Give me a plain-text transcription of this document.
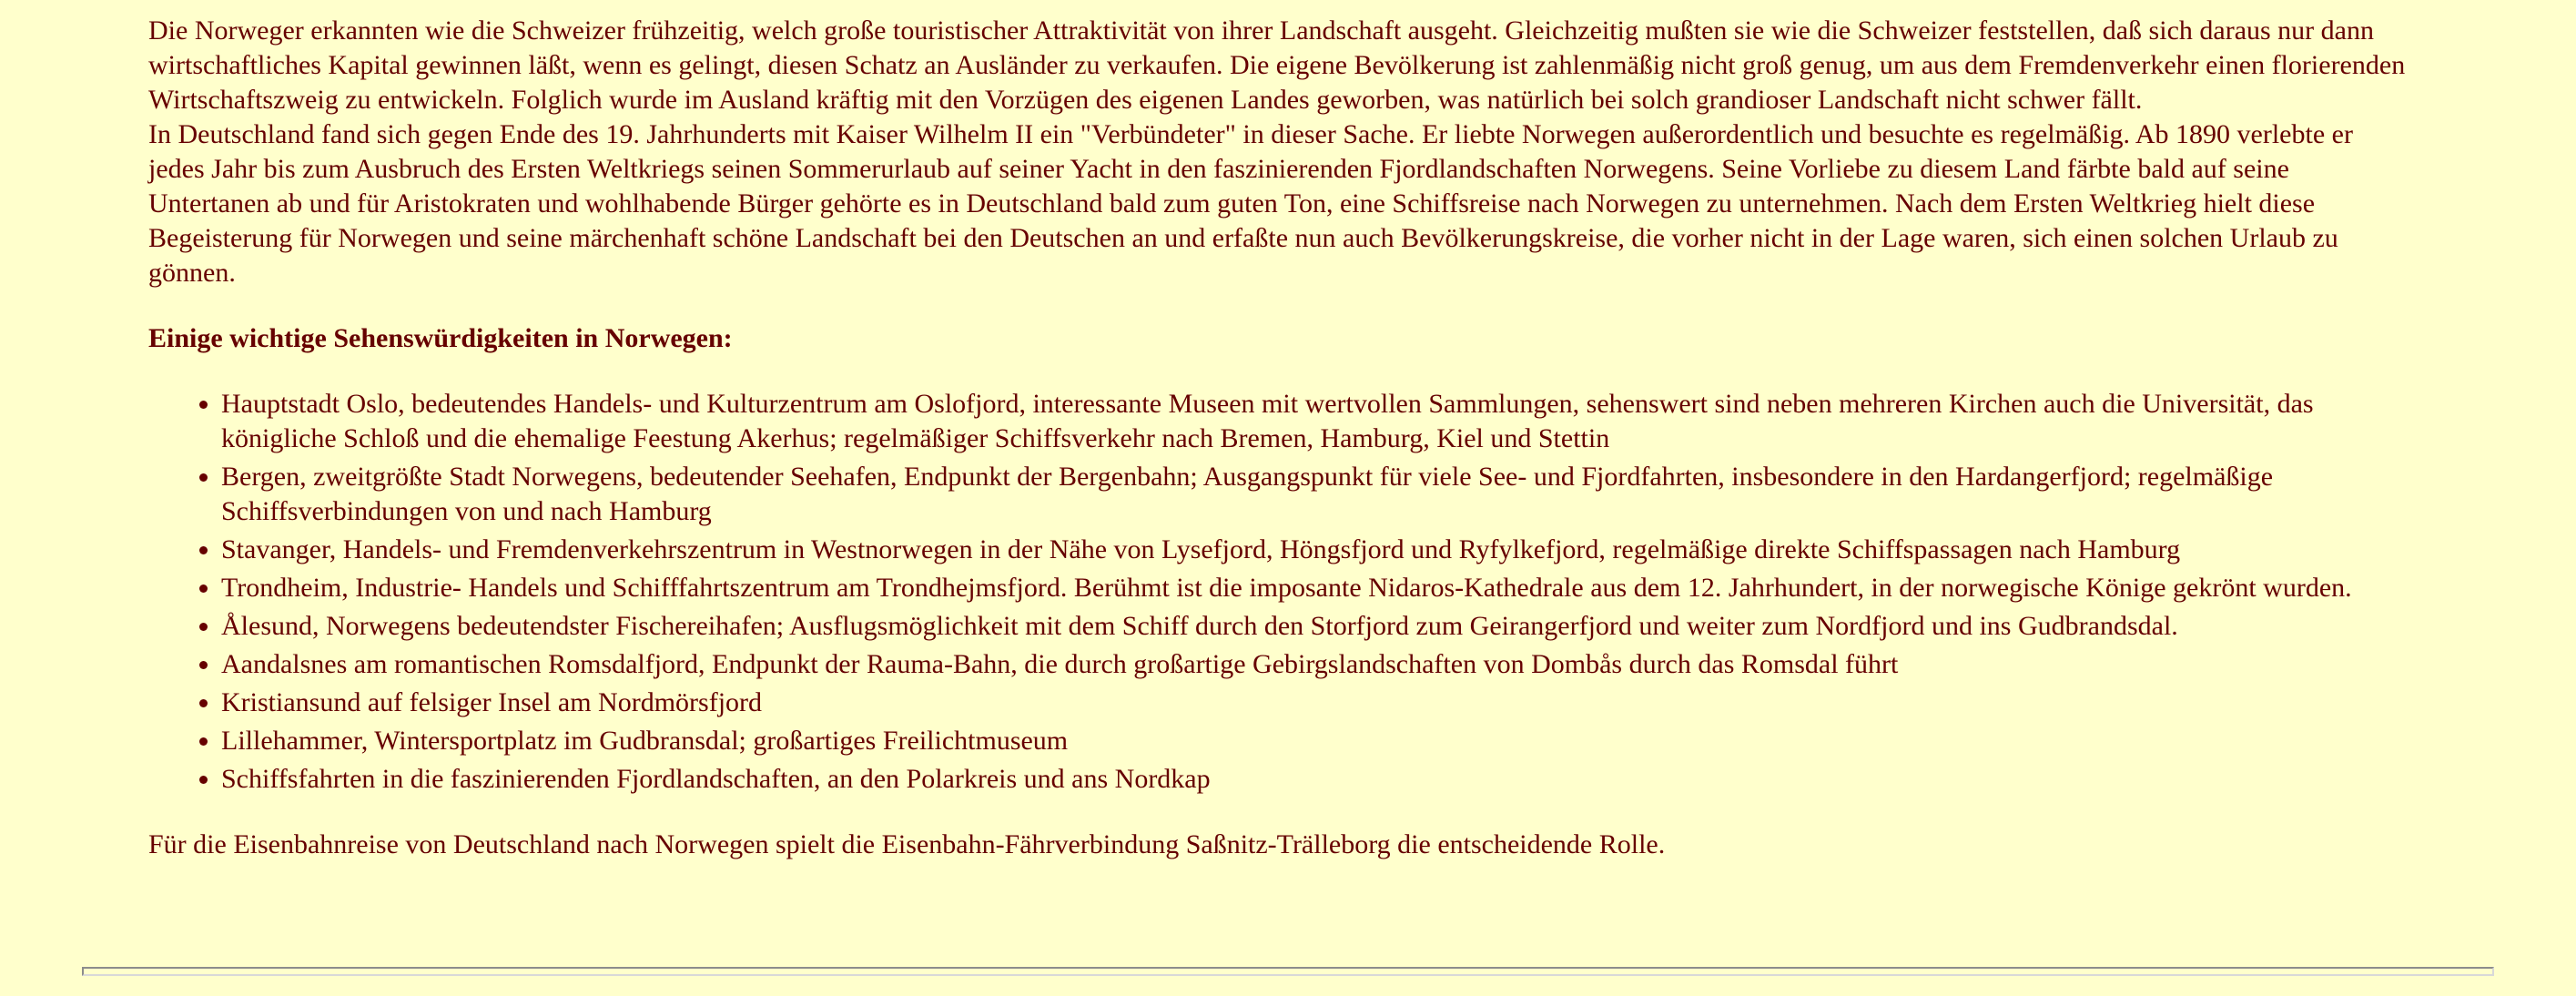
Die Norweger erkannten wie die Schweizer frühzeitig, welch große touristischer Attraktivität von ihrer Landschaft ausgeht. Gleichzeitig mußten sie wie die Schweizer feststellen, daß sich daraus nur dann wirtschaftliches Kapital gewinnen läßt, wenn es gelingt, diesen Schatz an Ausländer zu verkaufen. Die eigene Bevölkerung ist zahlenmäßig nicht groß genug, um aus dem Fremdenverkehr einen florierenden Wirtschaftszweig zu entwickeln. Folglich wurde im Ausland kräftig mit den Vorzügen des eigenen Landes geworben, was natürlich bei solch grandioser Landschaft nicht schwer fällt.

In Deutschland fand sich gegen Ende des 19. Jahrhunderts mit Kaiser Wilhelm II ein "Verbündeter" in dieser Sache. Er liebte Norwegen außerordentlich und besuchte es regelmäßig. Ab 1890 verlebte er jedes Jahr bis zum Ausbruch des Ersten Weltkriegs seinen Sommerurlaub auf seiner Yacht in den faszinierenden Fjordlandschaften Norwegens. Seine Vorliebe zu diesem Land färbte bald auf seine Untertanen ab und für Aristokraten und wohlhabende Bürger gehörte es in Deutschland bald zum guten Ton, eine Schiffsreise nach Norwegen zu unternehmen. Nach dem Ersten Weltkrieg hielt diese Begeisterung für Norwegen und seine märchenhaft schöne Landschaft bei den Deutschen an und erfaßte nun auch Bevölkerungskreise, die vorher nicht in der Lage waren, sich einen solchen Urlaub zu gönnen.

Einige wichtige Sehenswürdigkeiten in Norwegen:

• Hauptstadt Oslo, bedeutendes Handels- und Kulturzentrum am Oslofjord, interessante Museen mit wertvollen Sammlungen, sehenswert sind neben mehreren Kirchen auch die Universität, das königliche Schloß und die ehemalige Feestung Akerhus; regelmäßiger Schiffsverkehr nach Bremen, Hamburg, Kiel und Stettin
• Bergen, zweitgrößte Stadt Norwegens, bedeutender Seehafen, Endpunkt der Bergenbahn; Ausgangspunkt für viele See- und Fjordfahrten, insbesondere in den Hardangerfjord; regelmäßige Schiffsverbindungen von und nach Hamburg
• Stavanger, Handels- und Fremdenverkehrszentrum in Westnorwegen in der Nähe von Lysefjord, Höngsfjord und Ryfylkefjord, regelmäßige direkte Schiffspassagen nach Hamburg
• Trondheim, Industrie- Handels und Schifffahrtszentrum am Trondhejmsfjord. Berühmt ist die imposante Nidaros-Kathedrale aus dem 12. Jahrhundert, in der norwegische Könige gekrönt wurden.
• Ålesund, Norwegens bedeutendster Fischereihafen; Ausflugsmöglichkeit mit dem Schiff durch den Storfjord zum Geirangerfjord und weiter zum Nordfjord und ins Gudbrandsdal.
• Aandalsnes am romantischen Romsdalfjord, Endpunkt der Rauma-Bahn, die durch großartige Gebirgslandschaften von Dombås durch das Romsdal führt
• Kristiansund auf felsiger Insel am Nordmörsfjord
• Lillehammer, Wintersportplatz im Gudbransdal; großartiges Freilichtmuseum
• Schiffsfahrten in die faszinierenden Fjordlandschaften, an den Polarkreis und ans Nordkap

Für die Eisenbahnreise von Deutschland nach Norwegen spielt die Eisenbahn-Fährverbindung Saßnitz-Trälleborg die entscheidende Rolle.
